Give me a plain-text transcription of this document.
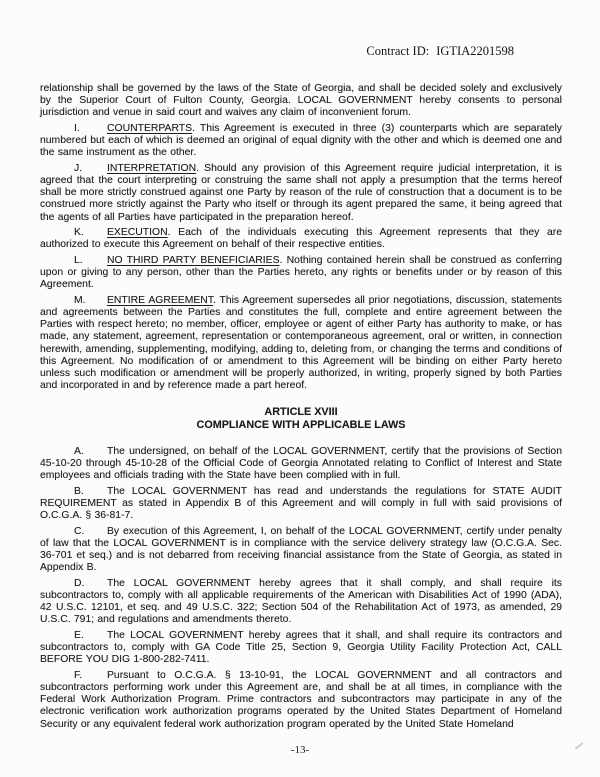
Contract ID: IGTIA2201598

relationship shall be governed by the laws of the State of Georgia, and shall be decided solely and exclusively by the Superior Court of Fulton County, Georgia. LOCAL GOVERNMENT hereby consents to personal jurisdiction and venue in said court and waives any claim of inconvenient forum.

I.	COUNTERPARTS. This Agreement is executed in three (3) counterparts which are separately numbered but each of which is deemed an original of equal dignity with the other and which is deemed one and the same instrument as the other.

J. INTERPRETATION. Should any provision of this Agreement require judicial interpretation, it is agreed that the court interpreting or construing the same shall not apply a presumption that the terms hereof shall be more strictly construed against one Party by reason of the rule of construction that a document is to be construed more strictly against the Party who itself or through its agent prepared the same, it being agreed that the agents of all Parties have participated in the preparation hereof.

K. EXECUTION. Each of the individuals executing this Agreement represents that they are authorized to execute this Agreement on behalf of their respective entities.

L. NO THIRD PARTY BENEFICIARIES. Nothing contained herein shall be construed as conferring upon or giving to any person, other than the Parties hereto, any rights or benefits under or by reason of this Agreement.

M. ENTIRE AGREEMENT. This Agreement supersedes all prior negotiations, discussion, statements and agreements between the Parties and constitutes the full, complete and entire agreement between the Parties with respect hereto; no member, officer, employee or agent of either Party has authority to make, or has made, any statement, agreement, representation or contemporaneous agreement, oral or written, in connection herewith, amending, supplementing, modifying, adding to, deleting from, or changing the terms and conditions of this Agreement. No modification of or amendment to this Agreement will be binding on either Party hereto unless such modification or amendment will be properly authorized, in writing, properly signed by both Parties and incorporated in and by reference made a part hereof.

ARTICLE XVIII
COMPLIANCE WITH APPLICABLE LAWS

A. The undersigned, on behalf of the LOCAL GOVERNMENT, certify that the provisions of Section 45-10-20 through 45-10-28 of the Official Code of Georgia Annotated relating to Conflict of Interest and State employees and officials trading with the State have been complied with in full.

B. The LOCAL GOVERNMENT has read and understands the regulations for STATE AUDIT REQUIREMENT as stated in Appendix B of this Agreement and will comply in full with said provisions of O.C.G.A. § 36-81-7.

C. By execution of this Agreement, I, on behalf of the LOCAL GOVERNMENT, certify under penalty of law that the LOCAL GOVERNMENT is in compliance with the service delivery strategy law (O.C.G.A. Sec. 36-701 et seq.) and is not debarred from receiving financial assistance from the State of Georgia, as stated in Appendix B.

D. The LOCAL GOVERNMENT hereby agrees that it shall comply, and shall require its subcontractors to, comply with all applicable requirements of the American with Disabilities Act of 1990 (ADA), 42 U.S.C. 12101, et seq. and 49 U.S.C. 322; Section 504 of the Rehabilitation Act of 1973, as amended, 29 U.S.C. 791; and regulations and amendments thereto.

E. The LOCAL GOVERNMENT hereby agrees that it shall, and shall require its contractors and subcontractors to, comply with GA Code Title 25, Section 9, Georgia Utility Facility Protection Act, CALL BEFORE YOU DIG 1-800-282-7411.

F. Pursuant to O.C.G.A. § 13-10-91, the LOCAL GOVERNMENT and all contractors and subcontractors performing work under this Agreement are, and shall be at all times, in compliance with the Federal Work Authorization Program. Prime contractors and subcontractors may participate in any of the electronic verification work authorization programs operated by the United States Department of Homeland Security or any equivalent federal work authorization program operated by the United State Homeland

-13-
